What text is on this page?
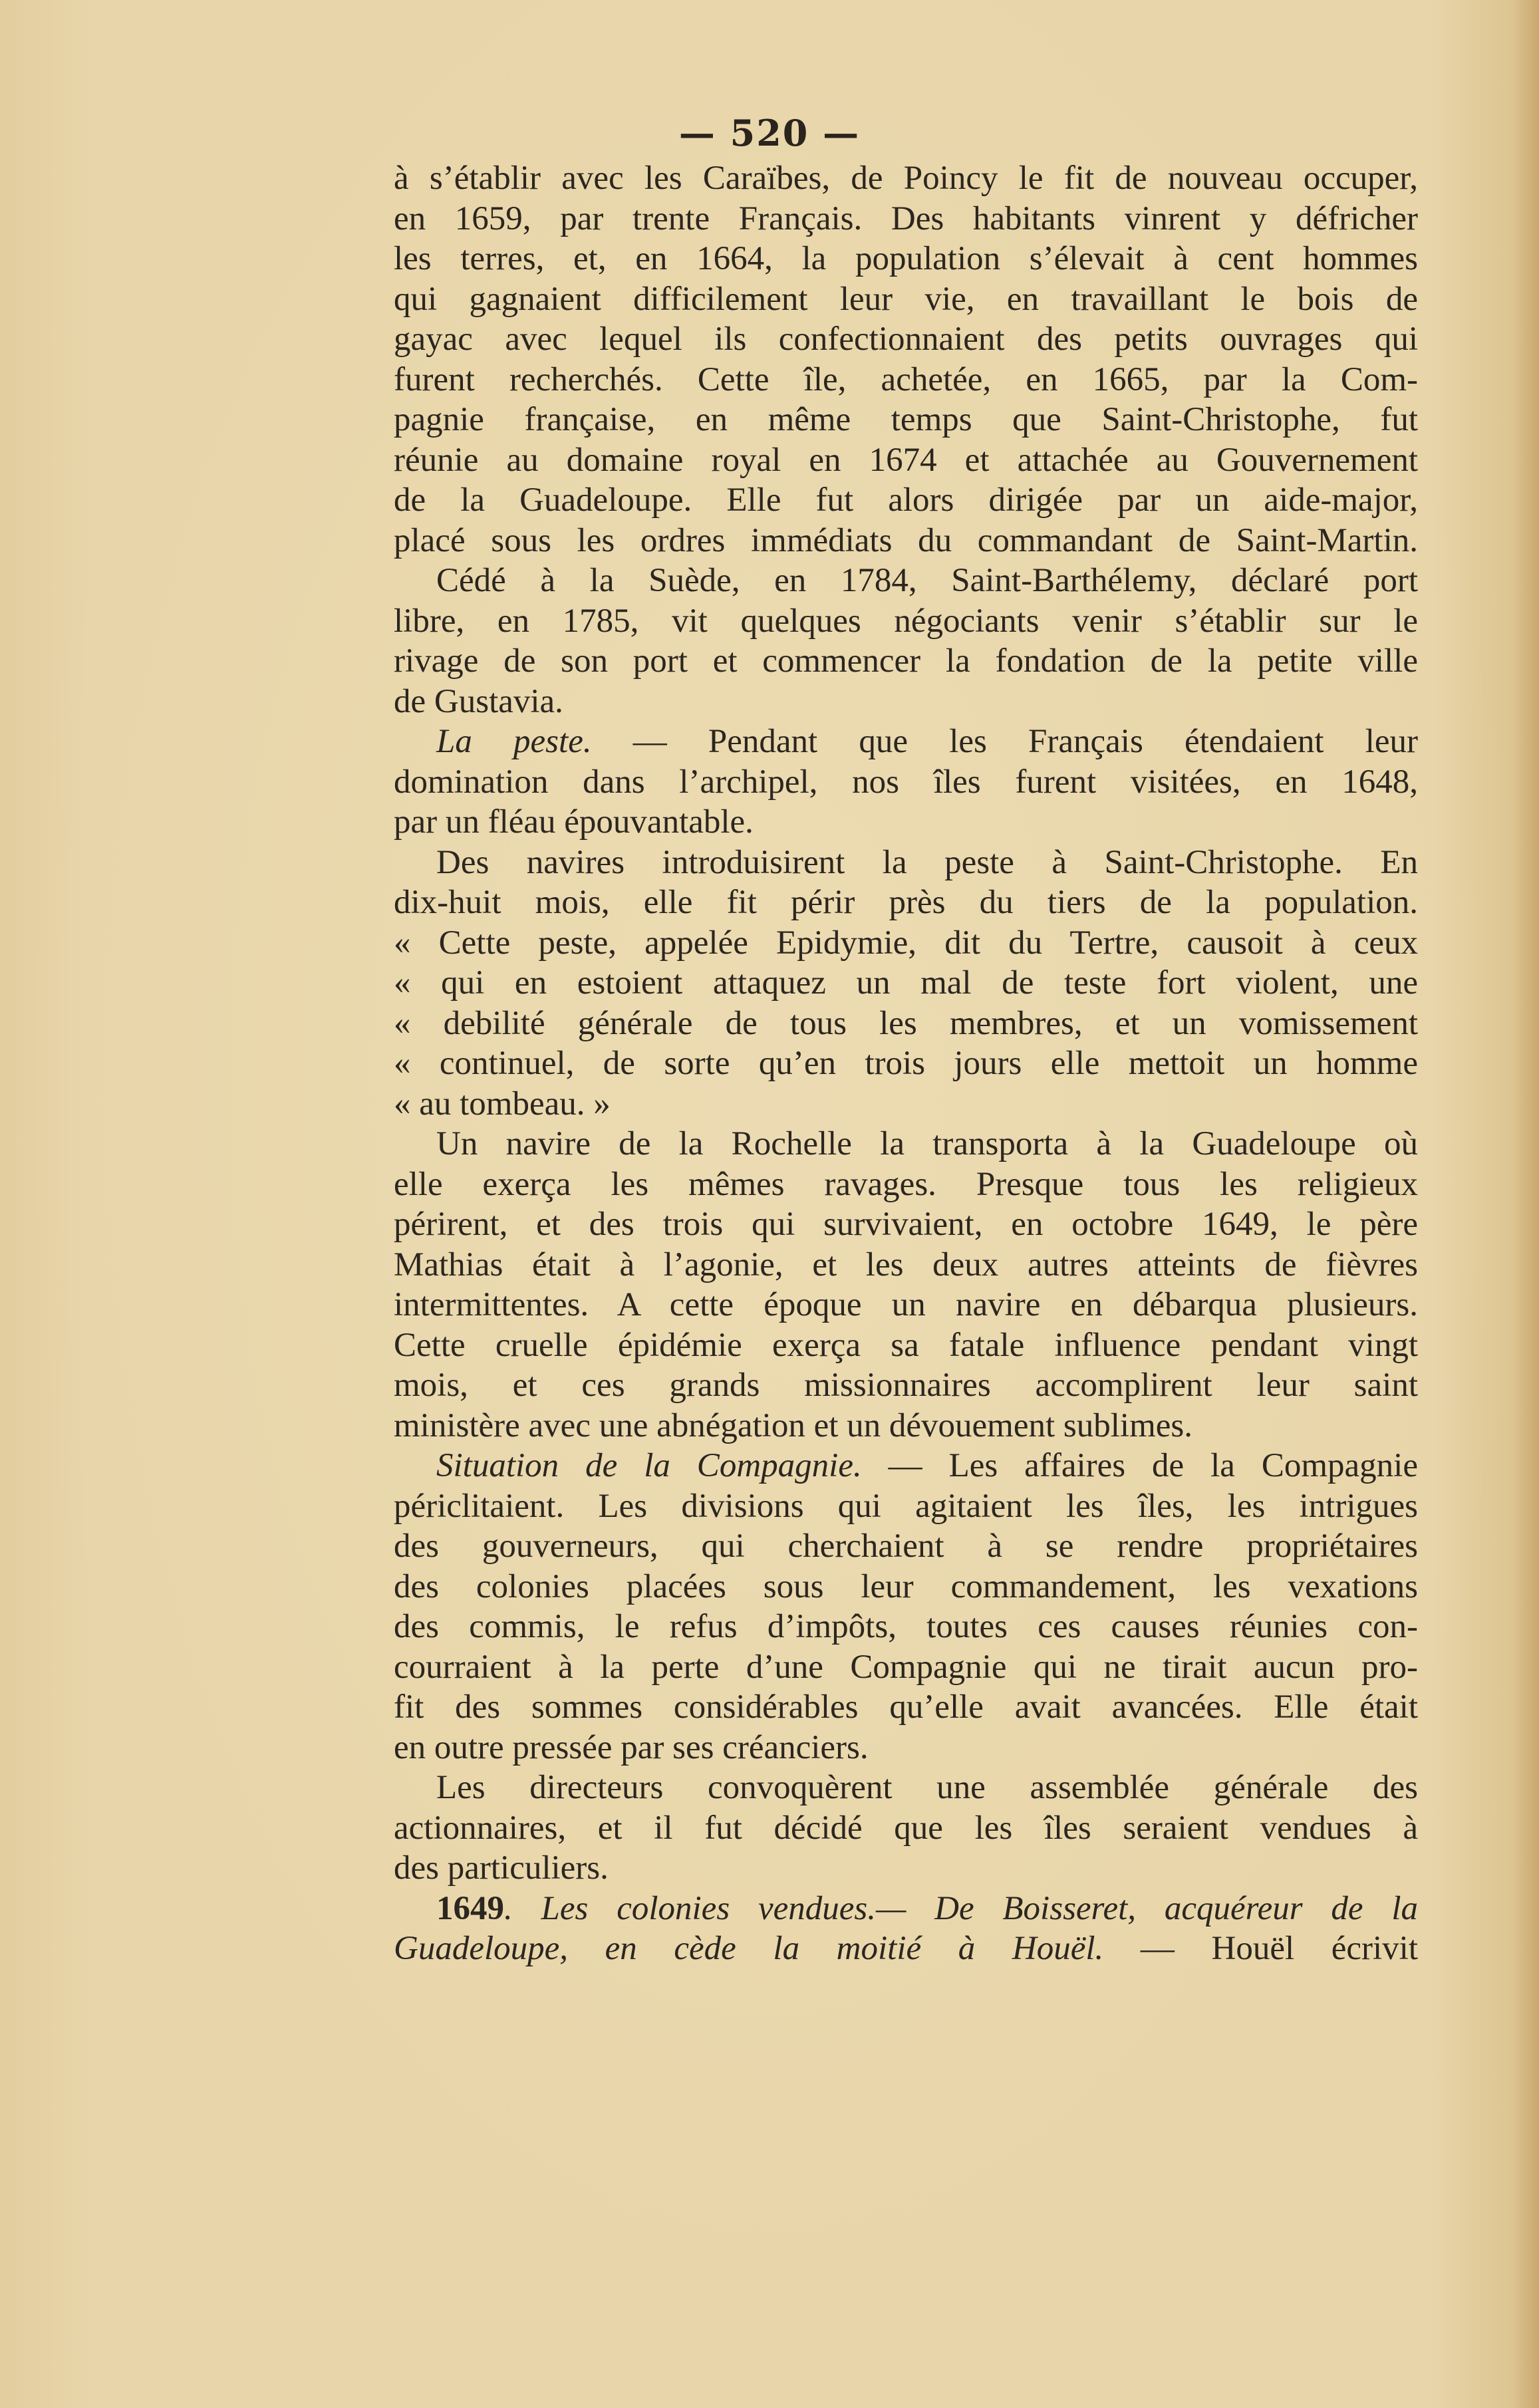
— 520 —
à s’établir avec les Caraïbes, de Poincy le fit de nouveau occuper,
en 1659, par trente Français. Des habitants vinrent y défricher
les terres, et, en 1664, la population s’élevait à cent hommes
qui gagnaient difficilement leur vie, en travaillant le bois de
gayac avec lequel ils confectionnaient des petits ouvrages qui
furent recherchés. Cette île, achetée, en 1665, par la Com-
pagnie française, en même temps que Saint-Christophe, fut
réunie au domaine royal en 1674 et attachée au Gouvernement
de la Guadeloupe. Elle fut alors dirigée par un aide-major,
placé sous les ordres immédiats du commandant de Saint-Martin.
Cédé à la Suède, en 1784, Saint-Barthélemy, déclaré port
libre, en 1785, vit quelques négociants venir s’établir sur le
rivage de son port et commencer la fondation de la petite ville
de Gustavia.
La peste. — Pendant que les Français étendaient leur
domination dans l’archipel, nos îles furent visitées, en 1648,
par un fléau épouvantable.
Des navires introduisirent la peste à Saint-Christophe. En
dix-huit mois, elle fit périr près du tiers de la population.
« Cette peste, appelée Epidymie, dit du Tertre, causoit à ceux
« qui en estoient attaquez un mal de teste fort violent, une
« debilité générale de tous les membres, et un vomissement
« continuel, de sorte qu’en trois jours elle mettoit un homme
« au tombeau. »
Un navire de la Rochelle la transporta à la Guadeloupe où
elle exerça les mêmes ravages. Presque tous les religieux
périrent, et des trois qui survivaient, en octobre 1649, le père
Mathias était à l’agonie, et les deux autres atteints de fièvres
intermittentes. A cette époque un navire en débarqua plusieurs.
Cette cruelle épidémie exerça sa fatale influence pendant vingt
mois, et ces grands missionnaires accomplirent leur saint
ministère avec une abnégation et un dévouement sublimes.
Situation de la Compagnie. — Les affaires de la Compagnie
périclitaient. Les divisions qui agitaient les îles, les intrigues
des gouverneurs, qui cherchaient à se rendre propriétaires
des colonies placées sous leur commandement, les vexations
des commis, le refus d’impôts, toutes ces causes réunies con-
courraient à la perte d’une Compagnie qui ne tirait aucun pro-
fit des sommes considérables qu’elle avait avancées. Elle était
en outre pressée par ses créanciers.
Les directeurs convoquèrent une assemblée générale des
actionnaires, et il fut décidé que les îles seraient vendues à
des particuliers.
1649. Les colonies vendues.— De Boisseret, acquéreur de la
Guadeloupe, en cède la moitié à Houël. — Houël écrivit
